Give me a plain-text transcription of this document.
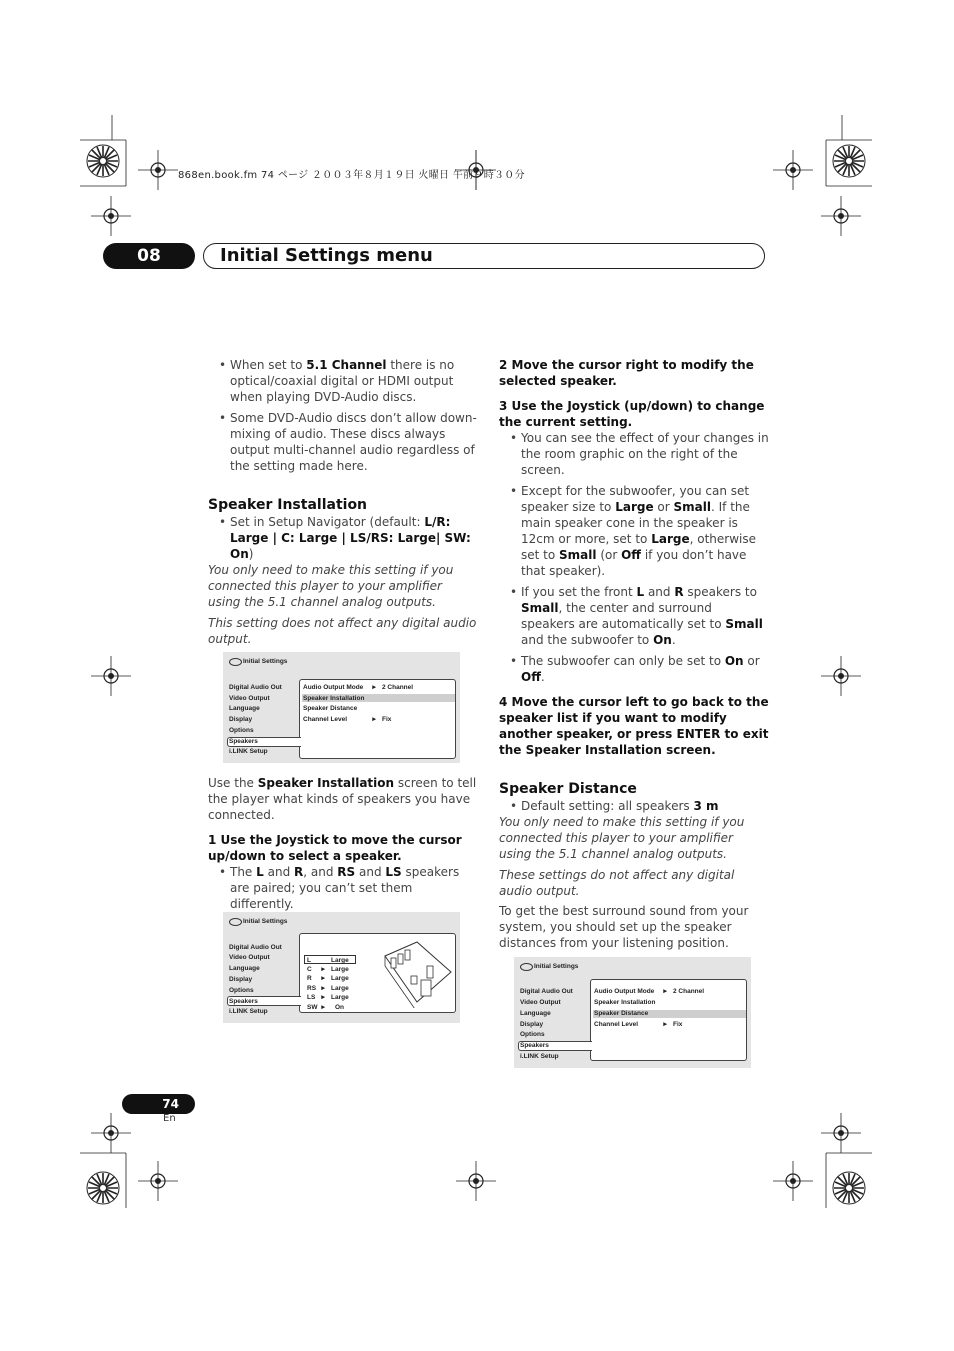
868en.book.fm 74 ページ ２００３年８月１９日 火曜日 午前９時３０分
08	Initial Settings menu

• When set to 5.1 Channel there is no optical/coaxial digital or HDMI output when playing DVD-Audio discs.

• Some DVD-Audio discs don’t allow down-mixing of audio. These discs always output multi-channel audio regardless of the setting made here.

Speaker Installation

• Set in Setup Navigator (default: L/R: Large | C: Large | LS/RS: Large| SW: On)

You only need to make this setting if you connected this player to your amplifier using the 5.1 channel analog outputs.

This setting does not affect any digital audio output.

Initial Settings
Digital Audio Out
Video Output
Language
Display
Options
Speakers
i.LINK Setup
Audio Output Mode ► 2 Channel
Speaker Installation
Speaker Distance
Channel Level	► Fix

Use the Speaker Installation screen to tell the player what kinds of speakers you have connected.

1 Use the Joystick to move the cursor up/down to select a speaker.

• The L and R, and RS and LS speakers are paired; you can’t set them differently.

Initial Settings
Digital Audio Out
Video Output
Language
Display
Options
Speakers
i.LINK Setup
L	Large
C ► Large
R ► Large
RS ► Large
LS ► Large
SW ► On

2 Move the cursor right to modify the selected speaker.

3 Use the Joystick (up/down) to change the current setting.

• You can see the effect of your changes in the room graphic on the right of the screen.

• Except for the subwoofer, you can set speaker size to Large or Small. If the main speaker cone in the speaker is 12cm or more, set to Large, otherwise set to Small (or Off if you don’t have that speaker).

• If you set the front L and R speakers to Small, the center and surround speakers are automatically set to Small and the subwoofer to On.

• The subwoofer can only be set to On or Off.

4 Move the cursor left to go back to the speaker list if you want to modify another speaker, or press ENTER to exit the Speaker Installation screen.

Speaker Distance

• Default setting: all speakers 3 m

You only need to make this setting if you connected this player to your amplifier using the 5.1 channel analog outputs.

These settings do not affect any digital audio output.

To get the best surround sound from your system, you should set up the speaker distances from your listening position.

Initial Settings
Digital Audio Out
Video Output
Language
Display
Options
Speakers
i.LINK Setup
Audio Output Mode ► 2 Channel
Speaker Installation
Speaker Distance
Channel Level	► Fix
74
En
